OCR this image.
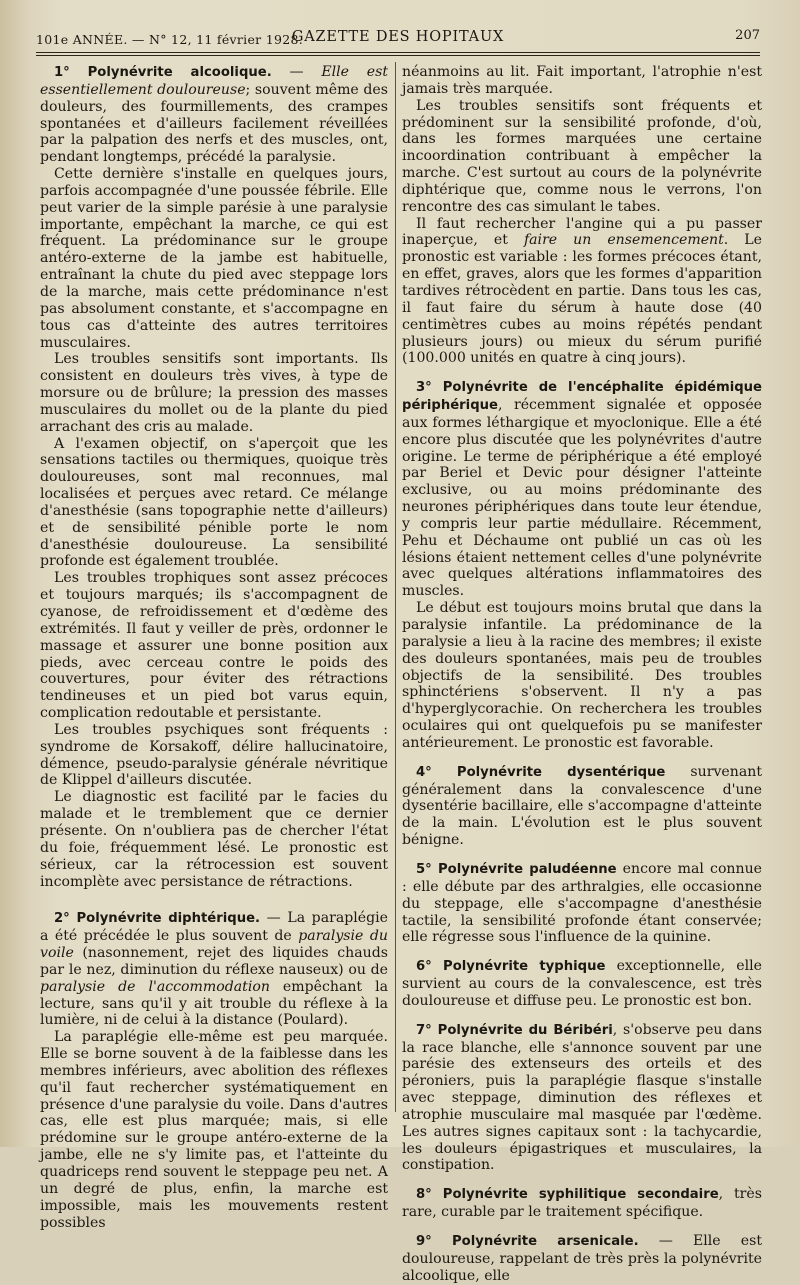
101e ANNÉE. — N° 12, 11 février 1928.
GAZETTE DES HOPITAUX	207

1° Polynévrite alcoolique. — Elle est essentiellement douloureuse; souvent même des douleurs, des fourmillements, des crampes spontanées et d'ailleurs facilement réveillées par la palpation des nerfs et des muscles, ont, pendant longtemps, précédé la paralysie.

Cette dernière s'installe en quelques jours, parfois accompagnée d'une poussée fébrile. Elle peut varier de la simple parésie à une paralysie importante, empêchant la marche, ce qui est fréquent. La prédominance sur le groupe antéro-externe de la jambe est habituelle, entraînant la chute du pied avec steppage lors de la marche, mais cette prédominance n'est pas absolument constante, et s'accompagne en tous cas d'atteinte des autres territoires musculaires.

Les troubles sensitifs sont importants. Ils consistent en douleurs très vives, à type de morsure ou de brûlure; la pression des masses musculaires du mollet ou de la plante du pied arrachant des cris au malade.

A l'examen objectif, on s'aperçoit que les sensations tactiles ou thermiques, quoique très douloureuses, sont mal reconnues, mal localisées et perçues avec retard. Ce mélange d'anesthésie (sans topographie nette d'ailleurs) et de sensibilité pénible porte le nom d'anesthésie douloureuse. La sensibilité profonde est également troublée.

Les troubles trophiques sont assez précoces et toujours marqués; ils s'accompagnent de cyanose, de refroidissement et d'œdème des extrémités. Il faut y veiller de près, ordonner le massage et assurer une bonne position aux pieds, avec cerceau contre le poids des couvertures, pour éviter des rétractions tendineuses et un pied bot varus equin, complication redoutable et persistante.

Les troubles psychiques sont fréquents : syndrome de Korsakoff, délire hallucinatoire, démence, pseudo-paralysie générale névritique de Klippel d'ailleurs discutée.

Le diagnostic est facilité par le facies du malade et le tremblement que ce dernier présente. On n'oubliera pas de chercher l'état du foie, fréquemment lésé. Le pronostic est sérieux, car la rétrocession est souvent incomplète avec persistance de rétractions.

2° Polynévrite diphtérique. — La paraplégie a été précédée le plus souvent de paralysie du voile (nasonnement, rejet des liquides chauds par le nez, diminution du réflexe nauseux) ou de paralysie de l'accommodation empêchant la lecture, sans qu'il y ait trouble du réflexe à la lumière, ni de celui à la distance (Poulard).

La paraplégie elle-même est peu marquée. Elle se borne souvent à de la faiblesse dans les membres inférieurs, avec abolition des réflexes qu'il faut rechercher systématiquement en présence d'une paralysie du voile. Dans d'autres cas, elle est plus marquée; mais, si elle prédomine sur le groupe antéro-externe de la jambe, elle ne s'y limite pas, et l'atteinte du quadriceps rend souvent le steppage peu net. A un degré de plus, enfin, la marche est impossible, mais les mouvements restent possibles

néanmoins au lit. Fait important, l'atrophie n'est jamais très marquée.

Les troubles sensitifs sont fréquents et prédominent sur la sensibilité profonde, d'où, dans les formes marquées une certaine incoordination contribuant à empêcher la marche. C'est surtout au cours de la polynévrite diphtérique que, comme nous le verrons, l'on rencontre des cas simulant le tabes.

Il faut rechercher l'angine qui a pu passer inaperçue, et faire un ensemencement. Le pronostic est variable : les formes précoces étant, en effet, graves, alors que les formes d'apparition tardives rétrocèdent en partie. Dans tous les cas, il faut faire du sérum à haute dose (40 centimètres cubes au moins répétés pendant plusieurs jours) ou mieux du sérum purifié (100.000 unités en quatre à cinq jours).

3° Polynévrite de l'encéphalite épidémique périphérique, récemment signalée et opposée aux formes léthargique et myoclonique. Elle a été encore plus discutée que les polynévrites d'autre origine. Le terme de périphérique a été employé par Beriel et Devic pour désigner l'atteinte exclusive, ou au moins prédominante des neurones périphériques dans toute leur étendue, y compris leur partie médullaire. Récemment, Pehu et Déchaume ont publié un cas où les lésions étaient nettement celles d'une polynévrite avec quelques altérations inflammatoires des muscles.

Le début est toujours moins brutal que dans la paralysie infantile. La prédominance de la paralysie a lieu à la racine des membres; il existe des douleurs spontanées, mais peu de troubles objectifs de la sensibilité. Des troubles sphinctériens s'observent. Il n'y a pas d'hyperglycorachie. On recherchera les troubles oculaires qui ont quelquefois pu se manifester antérieurement. Le pronostic est favorable.

4° Polynévrite dysentérique survenant généralement dans la convalescence d'une dysentérie bacillaire, elle s'accompagne d'atteinte de la main. L'évolution est le plus souvent bénigne.

5° Polynévrite paludéenne encore mal connue : elle débute par des arthralgies, elle occasionne du steppage, elle s'accompagne d'anesthésie tactile, la sensibilité profonde étant conservée; elle régresse sous l'influence de la quinine.

6° Polynévrite typhique exceptionnelle, elle survient au cours de la convalescence, est très douloureuse et diffuse peu. Le pronostic est bon.

7° Polynévrite du Béribéri, s'observe peu dans la race blanche, elle s'annonce souvent par une parésie des extenseurs des orteils et des péroniers, puis la paraplégie flasque s'installe avec steppage, diminution des réflexes et atrophie musculaire mal masquée par l'œdème. Les autres signes capitaux sont : la tachycardie, les douleurs épigastriques et musculaires, la constipation.

8° Polynévrite syphilitique secondaire, très rare, curable par le traitement spécifique.

9° Polynévrite arsenicale. — Elle est douloureuse, rappelant de très près la polynévrite alcoolique, elle
